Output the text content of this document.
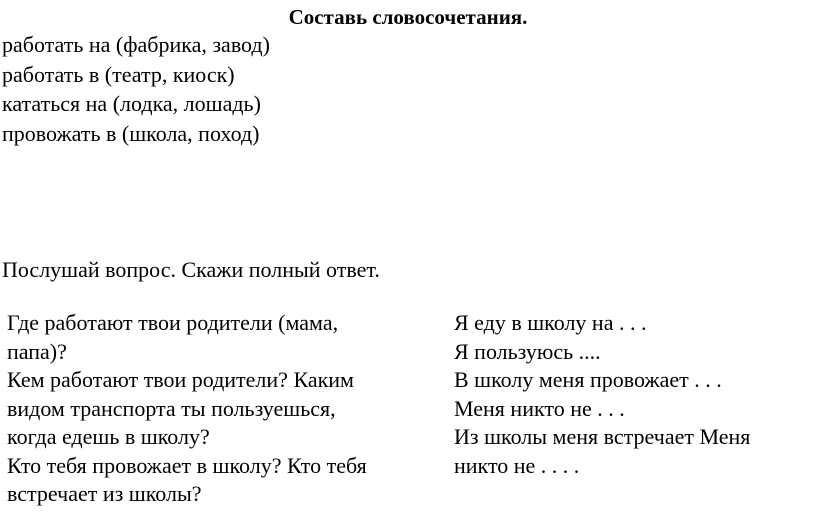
Составь словосочетания.
работать на (фабрика, завод)
работать в (театр, киоск)
кататься на (лодка, лошадь)
провожать в (школа, поход)
Послушай вопрос. Скажи полный ответ.
Где работают твои родители (мама,
папа)?
Кем работают твои родители? Каким
видом транспорта ты пользуешься,
когда едешь в школу?
Кто тебя провожает в школу? Кто тебя
встречает из школы?
Я еду в школу на . . .
Я пользуюсь ....
В школу меня провожает . . .
Меня никто не . . .
Из школы меня встречает Меня
никто не . . . .
